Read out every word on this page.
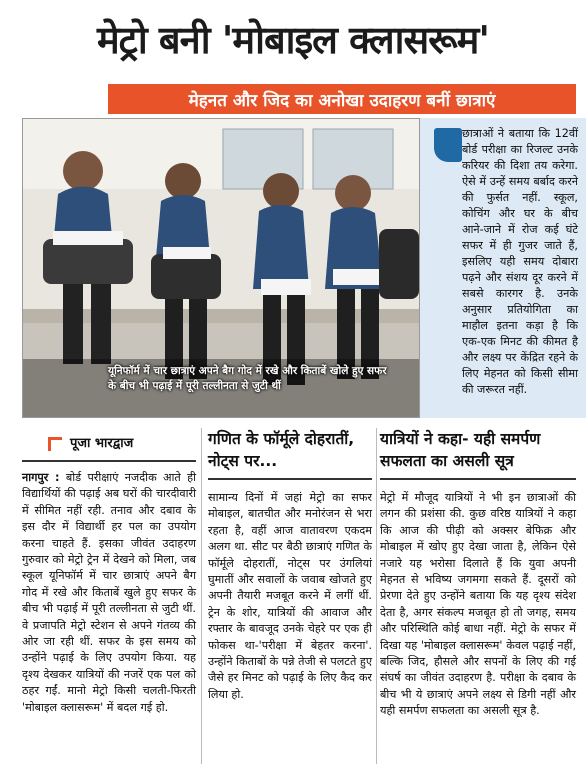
मेट्रो बनी 'मोबाइल क्लासरूम'
मेहनत और जिद का अनोखा उदाहरण बनीं छात्राएं

यूनिफॉर्म में चार छात्राएं अपने बैग गोद में रखे और किताबें खोले हुए सफर के बीच भी पढ़ाई में पूरी तल्लीनता से जुटी थीं

छात्राओं ने बताया कि 12वीं बोर्ड परीक्षा का रिजल्ट उनके करियर की दिशा तय करेगा. ऐसे में उन्हें समय बर्बाद करने की फुर्सत नहीं. स्कूल, कोचिंग और घर के बीच आने-जाने में रोज कई घंटे सफर में ही गुजर जाते हैं, इसलिए यही समय दोबारा पढ़ने और संशय दूर करने में सबसे कारगर है. उनके अनुसार प्रतियोगिता का माहौल इतना कड़ा है कि एक-एक मिनट की कीमत है और लक्ष्य पर केंद्रित रहने के लिए मेहनत को किसी सीमा की जरूरत नहीं.

पूजा भारद्वाज

नागपुर : बोर्ड परीक्षाएं नजदीक आते ही विद्यार्थियों की पढ़ाई अब घरों की चारदीवारी में सीमित नहीं रही. तनाव और दबाव के इस दौर में विद्यार्थी हर पल का उपयोग करना चाहते हैं. इसका जीवंत उदाहरण गुरुवार को मेट्रो ट्रेन में देखने को मिला, जब स्कूल यूनिफॉर्म में चार छात्राएं अपने बैग गोद में रखे और किताबें खुले हुए सफर के बीच भी पढ़ाई में पूरी तल्लीनता से जुटी थीं. वे प्रजापति मेट्रो स्टेशन से अपने गंतव्य की ओर जा रही थीं. सफर के इस समय को उन्होंने पढ़ाई के लिए उपयोग किया. यह दृश्य देखकर यात्रियों की नजरें एक पल को ठहर गईं. मानो मेट्रो किसी चलती-फिरती 'मोबाइल क्लासरूम' में बदल गई हो.

गणित के फॉर्मूले दोहरातीं, नोट्स पर...

सामान्य दिनों में जहां मेट्रो का सफर मोबाइल, बातचीत और मनोरंजन से भरा रहता है, वहीं आज वातावरण एकदम अलग था. सीट पर बैठी छात्राएं गणित के फॉर्मूले दोहरातीं, नोट्स पर उंगलियां घुमातीं और सवालों के जवाब खोजते हुए अपनी तैयारी मजबूत करने में लगीं थीं. ट्रेन के शोर, यात्रियों की आवाज और रफ्तार के बावजूद उनके चेहरे पर एक ही फोकस था-'परीक्षा में बेहतर करना'. उन्होंने किताबों के पन्ने तेजी से पलटते हुए जैसे हर मिनट को पढ़ाई के लिए कैद कर लिया हो.

यात्रियों ने कहा- यही समर्पण सफलता का असली सूत्र

मेट्रो में मौजूद यात्रियों ने भी इन छात्राओं की लगन की प्रशंसा की. कुछ वरिष्ठ यात्रियों ने कहा कि आज की पीढ़ी को अक्सर बेफिक्र और मोबाइल में खोए हुए देखा जाता है, लेकिन ऐसे नजारे यह भरोसा दिलाते हैं कि युवा अपनी मेहनत से भविष्य जगमगा सकते हैं. दूसरों को प्रेरणा देते हुए उन्होंने बताया कि यह दृश्य संदेश देता है, अगर संकल्प मजबूत हो तो जगह, समय और परिस्थिति कोई बाधा नहीं. मेट्रो के सफर में दिखा यह 'मोबाइल क्लासरूम' केवल पढ़ाई नहीं, बल्कि जिद, हौसले और सपनों के लिए की गई संघर्ष का जीवंत उदाहरण है. परीक्षा के दबाव के बीच भी ये छात्राएं अपने लक्ष्य से डिगी नहीं और यही समर्पण सफलता का असली सूत्र है.
